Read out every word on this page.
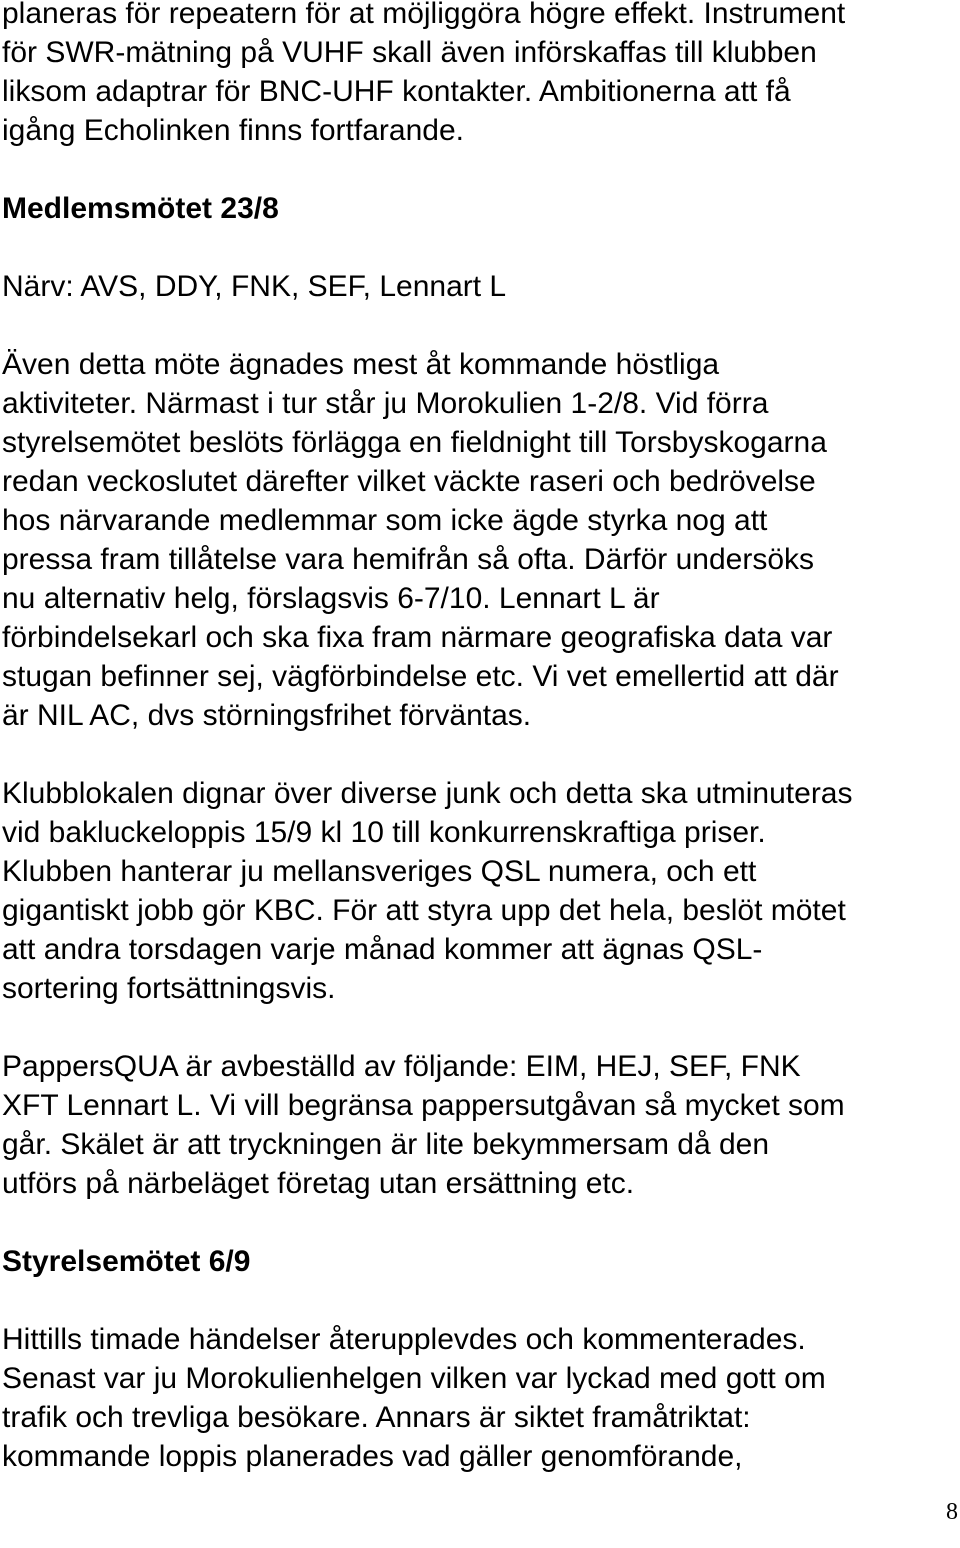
planeras för repeatern för at möjliggöra högre effekt. Instrument
för SWR-mätning på VUHF skall även införskaffas till klubben
liksom adaptrar för BNC-UHF kontakter. Ambitionerna att få
igång Echolinken finns fortfarande.

Medlemsmötet 23/8

Närv: AVS, DDY, FNK, SEF, Lennart L

Även detta möte ägnades mest åt kommande höstliga
aktiviteter. Närmast i tur står ju Morokulien 1-2/8. Vid förra
styrelsemötet beslöts förlägga en fieldnight till Torsbyskogarna
redan veckoslutet därefter vilket väckte raseri och bedrövelse
hos närvarande medlemmar som icke ägde styrka nog att
pressa fram tillåtelse vara hemifrån så ofta. Därför undersöks
nu alternativ helg, förslagsvis 6-7/10. Lennart L är
förbindelsekarl och ska fixa fram närmare geografiska data var
stugan befinner sej, vägförbindelse etc. Vi vet emellertid att där
är NIL AC, dvs störningsfrihet förväntas.

Klubblokalen dignar över diverse junk och detta ska utminuteras
vid bakluckeloppis 15/9 kl 10 till konkurrenskraftiga priser.
Klubben hanterar ju mellansveriges QSL numera, och ett
gigantiskt jobb gör KBC. För att styra upp det hela, beslöt mötet
att andra torsdagen varje månad kommer att ägnas QSL-
sortering fortsättningsvis.

PappersQUA är avbeställd av följande: EIM, HEJ, SEF, FNK
XFT Lennart L. Vi vill begränsa pappersutgåvan så mycket som
går. Skälet är att tryckningen är lite bekymmersam då den
utförs på närbeläget företag utan ersättning etc.

Styrelsemötet 6/9

Hittills timade händelser återupplevdes och kommenterades.
Senast var ju Morokulienhelgen vilken var lyckad med gott om
trafik och trevliga besökare. Annars är siktet framåtriktat:
kommande loppis planerades vad gäller genomförande,

8
